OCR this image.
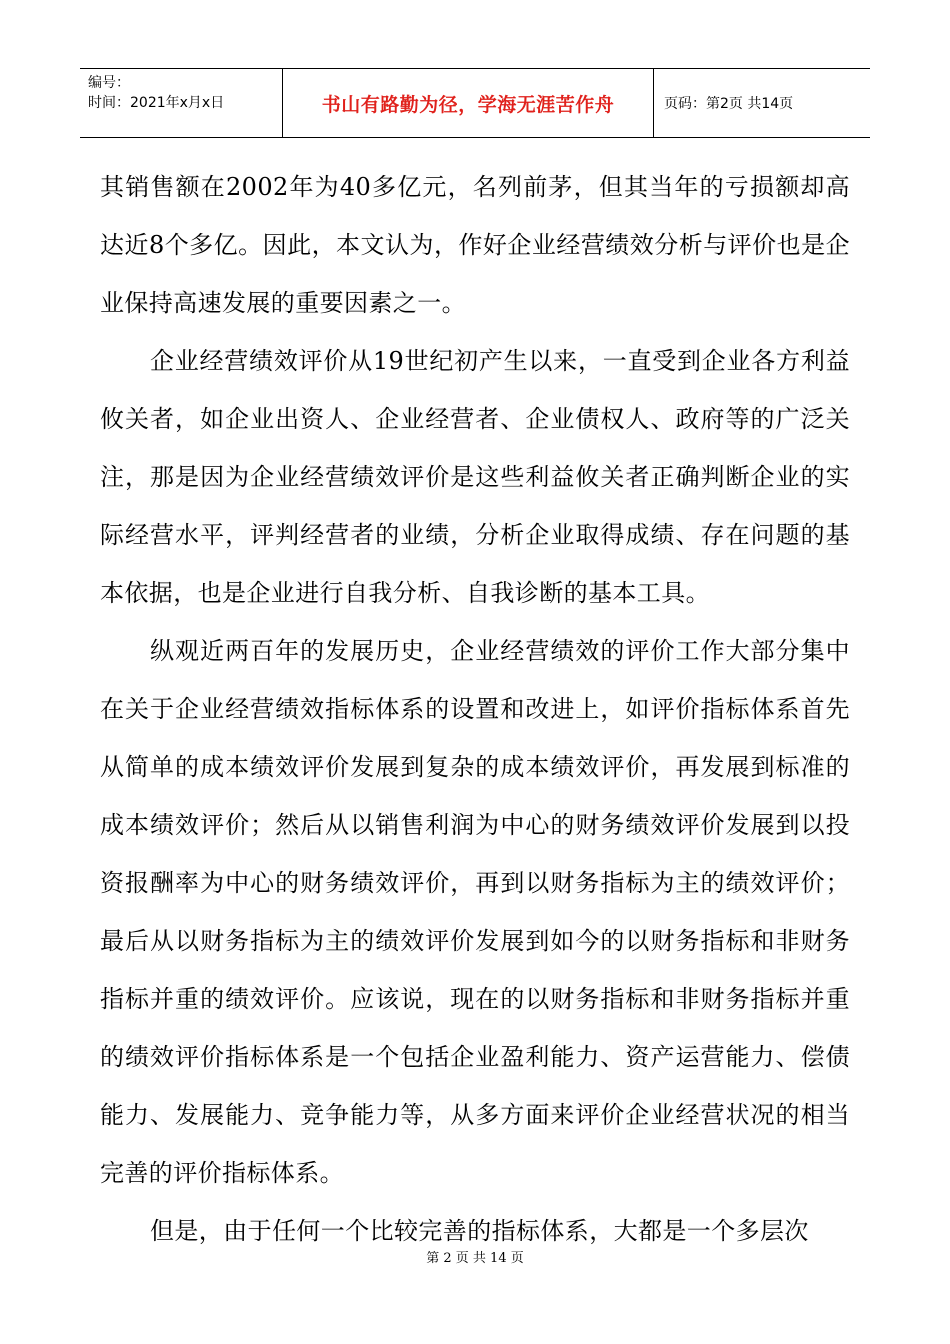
编号：
时间：2021年x月x日	书山有路勤为径，学海无涯苦作舟	页码：第2页 共14页

其销售额在2002年为40多亿元，名列前茅，但其当年的亏损额却高达近8个多亿。因此，本文认为，作好企业经营绩效分析与评价也是企业保持高速发展的重要因素之一。

企业经营绩效评价从19世纪初产生以来，一直受到企业各方利益攸关者，如企业出资人、企业经营者、企业债权人、政府等的广泛关注，那是因为企业经营绩效评价是这些利益攸关者正确判断企业的实际经营水平，评判经营者的业绩，分析企业取得成绩、存在问题的基本依据，也是企业进行自我分析、自我诊断的基本工具。

纵观近两百年的发展历史，企业经营绩效的评价工作大部分集中在关于企业经营绩效指标体系的设置和改进上，如评价指标体系首先从简单的成本绩效评价发展到复杂的成本绩效评价，再发展到标准的成本绩效评价；然后从以销售利润为中心的财务绩效评价发展到以投资报酬率为中心的财务绩效评价，再到以财务指标为主的绩效评价；最后从以财务指标为主的绩效评价发展到如今的以财务指标和非财务指标并重的绩效评价。应该说，现在的以财务指标和非财务指标并重的绩效评价指标体系是一个包括企业盈利能力、资产运营能力、偿债能力、发展能力、竞争能力等，从多方面来评价企业经营状况的相当完善的评价指标体系。

但是，由于任何一个比较完善的指标体系，大都是一个多层次

第 2 页 共 14 页
